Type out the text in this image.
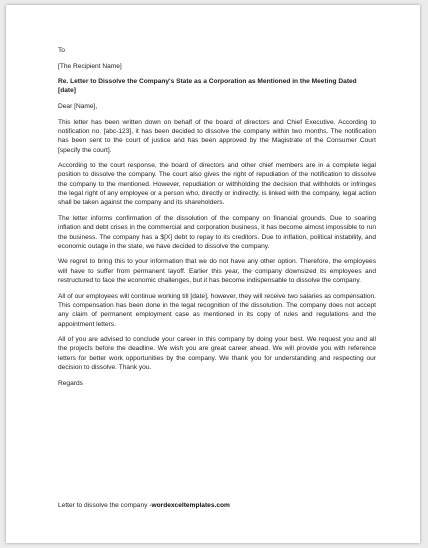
To

[The Recipient Name]

Re. Letter to Dissolve the Company's State as a Corporation as Mentioned in the Meeting Dated [date]

Dear [Name],

This letter has been written down on behalf of the board of directors and Chief Executive. According to notification no. [abc-123], it has been decided to dissolve the company within two months. The notification has been sent to the court of justice and has been approved by the Magistrate of the Consumer Court [specify the court].

According to the court response, the board of directors and other chief members are in a complete legal position to dissolve the company. The court also gives the right of repudiation of the notification to dissolve the company to the mentioned. However, repudiation or withholding the decision that withholds or infringes the legal right of any employee or a person who, directly or indirectly, is linked with the company, legal action shall be taken against the company and its shareholders.

The letter informs confirmation of the dissolution of the company on financial grounds. Due to soaring inflation and debt crises in the commercial and corporation business, it has become almost impossible to run the business. The company has a $[X] debt to repay to its creditors. Due to inflation, political instability, and economic outage in the state, we have decided to dissolve the company.

We regret to bring this to your information that we do not have any other option. Therefore, the employees will have to suffer from permanent layoff. Earlier this year, the company downsized its employees and restructured to face the economic challenges, but it has become indispensable to dissolve the company.

All of our employees will continue working till [date], however, they will receive two salaries as compensation. This compensation has been done in the legal recognition of the dissolution. The company does not accept any claim of permanent employment case as mentioned in its copy of rules and regulations and the appointment letters.

All of you are advised to conclude your career in this company by doing your best. We request you and all the projects before the deadline. We wish you are great career ahead. We will provide you with reference letters for better work opportunities by the company. We thank you for understanding and respecting our decision to dissolve. Thank you.

Regards

Letter to dissolve the company -wordexceltemplates.com
